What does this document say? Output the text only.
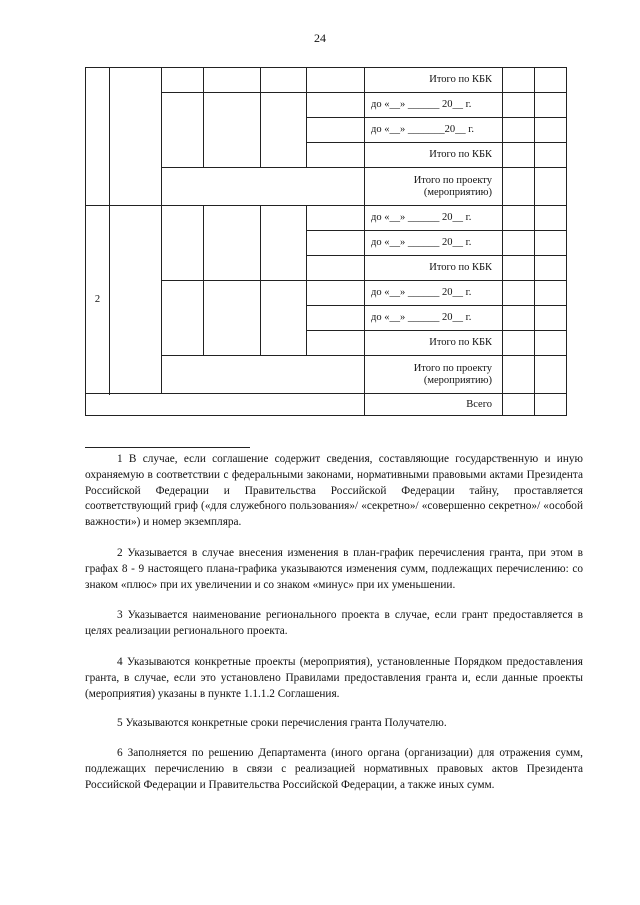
24
						Итого по КБК		
						до «__» ______ 20__ г.		
						до «__» _______20__ г.		
						Итого по КБК		
						Итого по проекту
(мероприятию)		

2						до «__» ______ 20__ г.		
						до «__» ______ 20__ г.		
						Итого по КБК		
						до «__» ______ 20__ г.		
						до «__» ______ 20__ г.		
						Итого по КБК		
						Итого по проекту
(мероприятию)		

						Всего		

1 В случае, если соглашение содержит сведения, составляющие государственную и иную охраняемую в соответствии с федеральными законами, нормативными правовыми актами Президента Российской Федерации и Правительства Российской Федерации тайну, проставляется соответствующий гриф («для служебного пользования»/ «секретно»/ «совершенно секретно»/ «особой важности») и номер экземпляра.

2 Указывается в случае внесения изменения в план-график перечисления гранта, при этом в графах 8 - 9 настоящего плана-графика указываются изменения сумм, подлежащих перечислению: со знаком «плюс» при их увеличении и со знаком «минус» при их уменьшении.

3 Указывается наименование регионального проекта в случае, если грант предоставляется в целях реализации регионального проекта.

4 Указываются конкретные проекты (мероприятия), установленные Порядком предоставления гранта, в случае, если это установлено Правилами предоставления гранта и, если данные проекты (мероприятия) указаны в пункте 1.1.1.2 Соглашения.

5 Указываются конкретные сроки перечисления гранта Получателю.

6 Заполняется по решению Департамента (иного органа (организации) для отражения сумм, подлежащих перечислению в связи с реализацией нормативных правовых актов Президента Российской Федерации и Правительства Российской Федерации, а также иных сумм.
